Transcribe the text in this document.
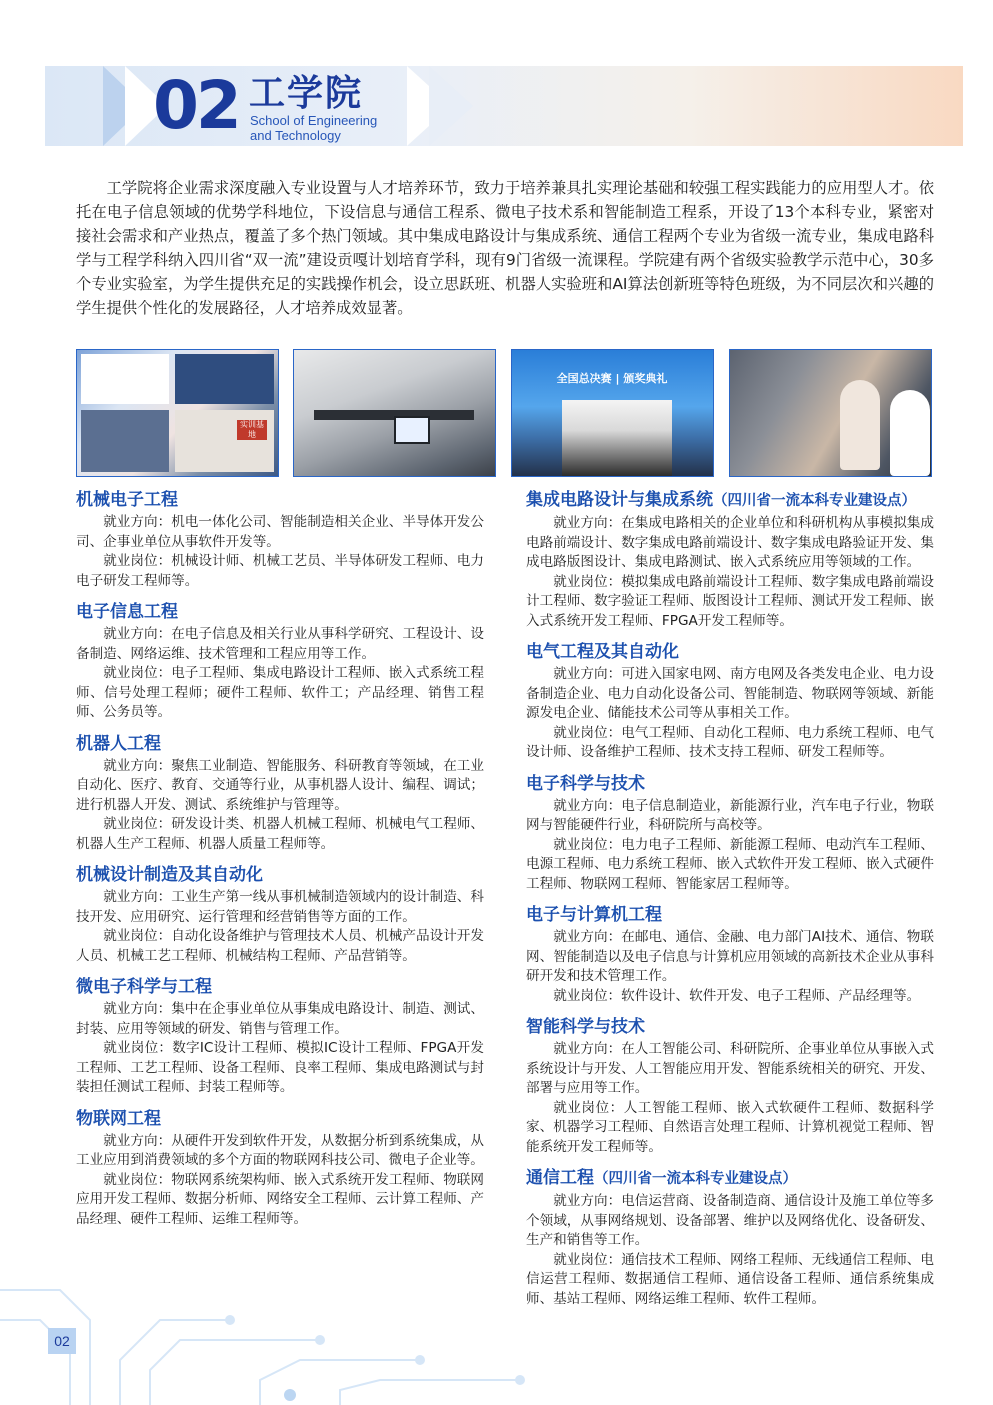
02 工学院
School of Engineering
and Technology

工学院将企业需求深度融入专业设置与人才培养环节，致力于培养兼具扎实理论基础和较强工程实践能力的应用型人才。依托在电子信息领域的优势学科地位，下设信息与通信工程系、微电子技术系和智能制造工程系，开设了13个本科专业，紧密对接社会需求和产业热点，覆盖了多个热门领域。其中集成电路设计与集成系统、通信工程两个专业为省级一流专业，集成电路科学与工程学科纳入四川省“双一流”建设贡嘎计划培育学科，现有9门省级一流课程。学院建有两个省级实验教学示范中心，30多个专业实验室，为学生提供充足的实践操作机会，设立思跃班、机器人实验班和AI算法创新班等特色班级，为不同层次和兴趣的学生提供个性化的发展路径，人才培养成效显著。

实训基地
全国总决赛 | 颁奖典礼
机械电子工程

就业方向：机电一体化公司、智能制造相关企业、半导体开发公司、企事业单位从事软件开发等。

就业岗位：机械设计师、机械工艺员、半导体研发工程师、电力电子研发工程师等。

电子信息工程

就业方向：在电子信息及相关行业从事科学研究、工程设计、设备制造、网络运维、技术管理和工程应用等工作。

就业岗位：电子工程师、集成电路设计工程师、嵌入式系统工程师、信号处理工程师；硬件工程师、软件工；产品经理、销售工程师、公务员等。

机器人工程

就业方向：聚焦工业制造、智能服务、科研教育等领域，在工业自动化、医疗、教育、交通等行业，从事机器人设计、编程、调试；进行机器人开发、测试、系统维护与管理等。

就业岗位：研发设计类、机器人机械工程师、机械电气工程师、机器人生产工程师、机器人质量工程师等。

机械设计制造及其自动化

就业方向：工业生产第一线从事机械制造领域内的设计制造、科技开发、应用研究、运行管理和经营销售等方面的工作。

就业岗位：自动化设备维护与管理技术人员、机械产品设计开发人员、机械工艺工程师、机械结构工程师、产品营销等。

微电子科学与工程

就业方向：集中在企事业单位从事集成电路设计、制造、测试、封装、应用等领域的研发、销售与管理工作。

就业岗位：数字IC设计工程师、模拟IC设计工程师、FPGA开发工程师、工艺工程师、设备工程师、良率工程师、集成电路测试与封装担任测试工程师、封装工程师等。

物联网工程

就业方向：从硬件开发到软件开发，从数据分析到系统集成，从工业应用到消费领域的多个方面的物联网科技公司、微电子企业等。

就业岗位：物联网系统架构师、嵌入式系统开发工程师、物联网应用开发工程师、数据分析师、网络安全工程师、云计算工程师、产品经理、硬件工程师、运维工程师等。

集成电路设计与集成系统（四川省一流本科专业建设点）

就业方向：在集成电路相关的企业单位和科研机构从事模拟集成电路前端设计、数字集成电路前端设计、数字集成电路验证开发、集成电路版图设计、集成电路测试、嵌入式系统应用等领域的工作。

就业岗位：模拟集成电路前端设计工程师、数字集成电路前端设计工程师、数字验证工程师、版图设计工程师、测试开发工程师、嵌入式系统开发工程师、FPGA开发工程师等。

电气工程及其自动化

就业方向：可进入国家电网、南方电网及各类发电企业、电力设备制造企业、电力自动化设备公司、智能制造、物联网等领域、新能源发电企业、储能技术公司等从事相关工作。

就业岗位：电气工程师、自动化工程师、电力系统工程师、电气设计师、设备维护工程师、技术支持工程师、研发工程师等。

电子科学与技术

就业方向：电子信息制造业，新能源行业，汽车电子行业，物联网与智能硬件行业，科研院所与高校等。

就业岗位：电力电子工程师、新能源工程师、电动汽车工程师、电源工程师、电力系统工程师、嵌入式软件开发工程师、嵌入式硬件工程师、物联网工程师、智能家居工程师等。

电子与计算机工程

就业方向：在邮电、通信、金融、电力部门AI技术、通信、物联网、智能制造以及电子信息与计算机应用领域的高新技术企业从事科研开发和技术管理工作。

就业岗位：软件设计、软件开发、电子工程师、产品经理等。

智能科学与技术

就业方向：在人工智能公司、科研院所、企事业单位从事嵌入式系统设计与开发、人工智能应用开发、智能系统相关的研究、开发、部署与应用等工作。

就业岗位：人工智能工程师、嵌入式软硬件工程师、数据科学家、机器学习工程师、自然语言处理工程师、计算机视觉工程师、智能系统开发工程师等。

通信工程（四川省一流本科专业建设点）

就业方向：电信运营商、设备制造商、通信设计及施工单位等多个领域，从事网络规划、设备部署、维护以及网络优化、设备研发、生产和销售等工作。

就业岗位：通信技术工程师、网络工程师、无线通信工程师、电信运营工程师、数据通信工程师、通信设备工程师、通信系统集成师、基站工程师、网络运维工程师、软件工程师。

02
